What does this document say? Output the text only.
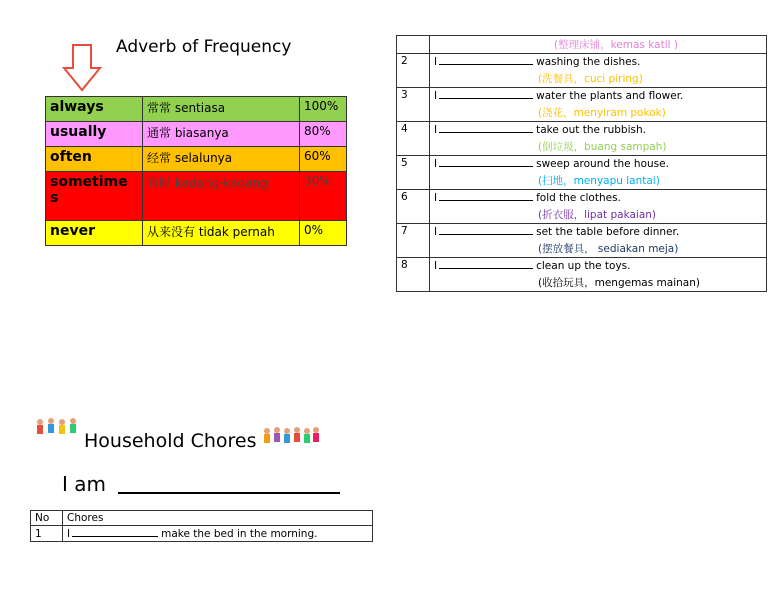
Adverb of Frequency
always	常常 sentiasa	100%
usually	通常 biasanya	80%
often	经常 selalunya	60%
sometime s	有时 kadang-kadang	30%
never	从来没有 tidak pernah	0%
	(整理床铺，kemas katil )
2	I washing the dishes.
(洗餐具，cuci piring)

3	I water the plants and flower.
(浇花，menyiram pokok)

4	I take out the rubbish.
(倒垃圾，buang sampah)

5	I sweep around the house.
(扫地，menyapu lantai)

6	I fold the clothes.
(折衣服，lipat pakaian)

7	I set the table before dinner.
(摆放餐具， sediakan meja)

8	I clean up the toys.
(收拾玩具，mengemas mainan)
Household Chores
I am
No	Chores
1	I make the bed in the morning.
